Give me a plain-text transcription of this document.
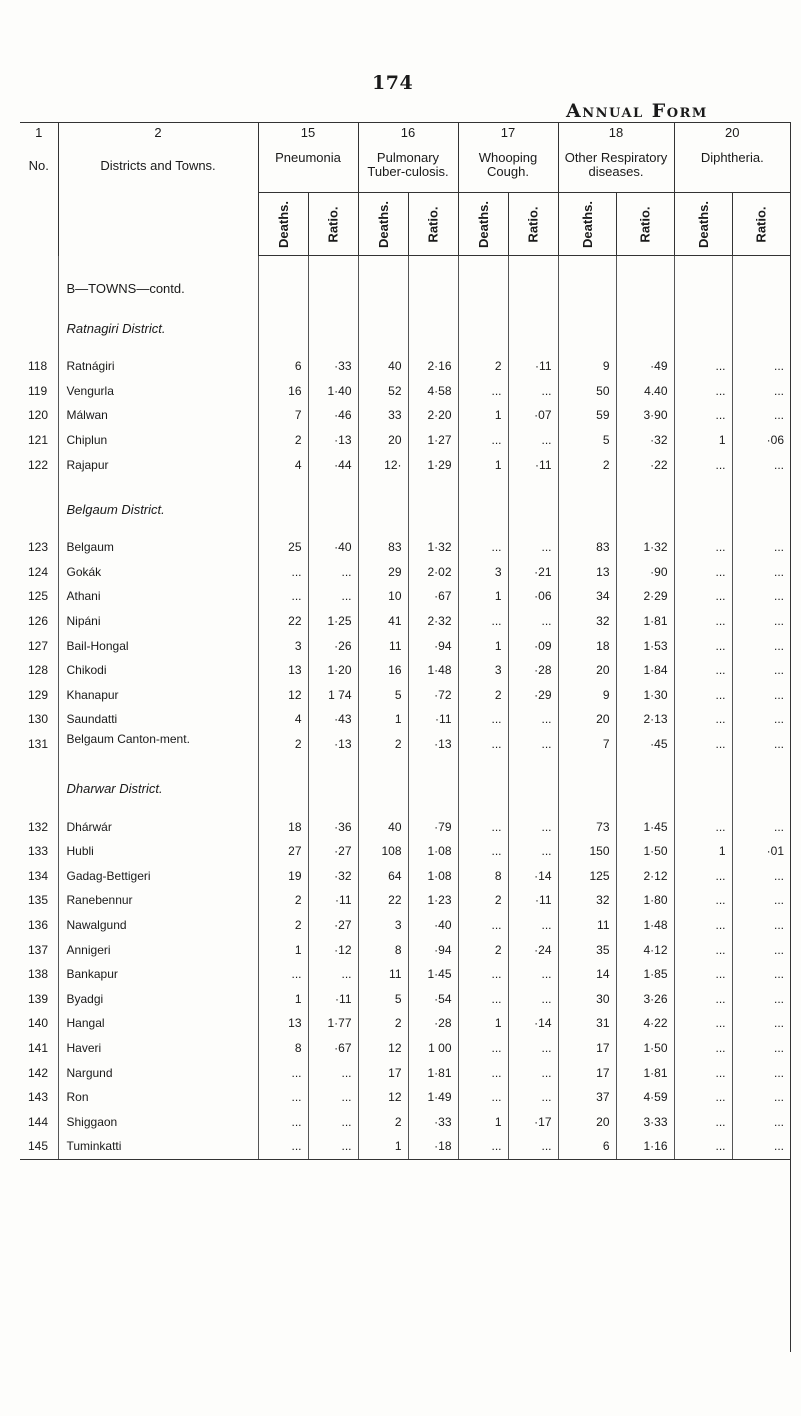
174
Annual Form
1	2	15		16		17		18		20	
No.	Districts and Towns.	Pneumonia		Pulmonary Tuber-culosis.		Whooping Cough.		Other Respiratory diseases.		Diphtheria.	
		Deaths.	Ratio.	Deaths.	Ratio.	Deaths.	Ratio.	Deaths.	Ratio.	Deaths.	Ratio.
	B—TOWNS—contd.										
	Ratnagiri District.										

118	Ratnágiri	6	·33	40	2·16	2	·11	9	·49	...	...
119	Vengurla	16	1·40	52	4·58	...	...	50	4.40	...	...
120	Málwan	7	·46	33	2·20	1	·07	59	3·90	...	...
121	Chiplun	2	·13	20	1·27	...	...	5	·32	1	·06
122	Rajapur	4	·44	12·	1·29	1	·11	2	·22	...	...
	Belgaum District.										

123	Belgaum	25	·40	83	1·32	...	...	83	1·32	...	...
124	Gokák	...	...	29	2·02	3	·21	13	·90	...	...
125	Athani	...	...	10	·67	1	·06	34	2·29	...	...
126	Nipáni	22	1·25	41	2·32	...	...	32	1·81	...	...
127	Bail-Hongal	3	·26	11	·94	1	·09	18	1·53	...	...
128	Chikodi	13	1·20	16	1·48	3	·28	20	1·84	...	...
129	Khanapur	12	1 74	5	·72	2	·29	9	1·30	...	...
130	Saundatti	4	·43	1	·11	...	...	20	2·13	...	...
131	Belgaum Canton-ment.	2	·13	2	·13	...	...	7	·45	...	...
	Dharwar District.										

132	Dhárwár	18	·36	40	·79	...	...	73	1·45	...	...
133	Hubli	27	·27	108	1·08	...	...	150	1·50	1	·01
134	Gadag-Bettigeri	19	·32	64	1·08	8	·14	125	2·12	...	...
135	Ranebennur	2	·11	22	1·23	2	·11	32	1·80	...	...
136	Nawalgund	2	·27	3	·40	...	...	11	1·48	...	...
137	Annigeri	1	·12	8	·94	2	·24	35	4·12	...	...
138	Bankapur	...	...	11	1·45	...	...	14	1·85	...	...
139	Byadgi	1	·11	5	·54	...	...	30	3·26	...	...
140	Hangal	13	1·77	2	·28	1	·14	31	4·22	...	...
141	Haveri	8	·67	12	1 00	...	...	17	1·50	...	...
142	Nargund	...	...	17	1·81	...	...	17	1·81	...	...
143	Ron	...	...	12	1·49	...	...	37	4·59	...	...
144	Shiggaon	...	...	2	·33	1	·17	20	3·33	...	...
145	Tuminkatti	...	...	1	·18	...	...	6	1·16	...	...
